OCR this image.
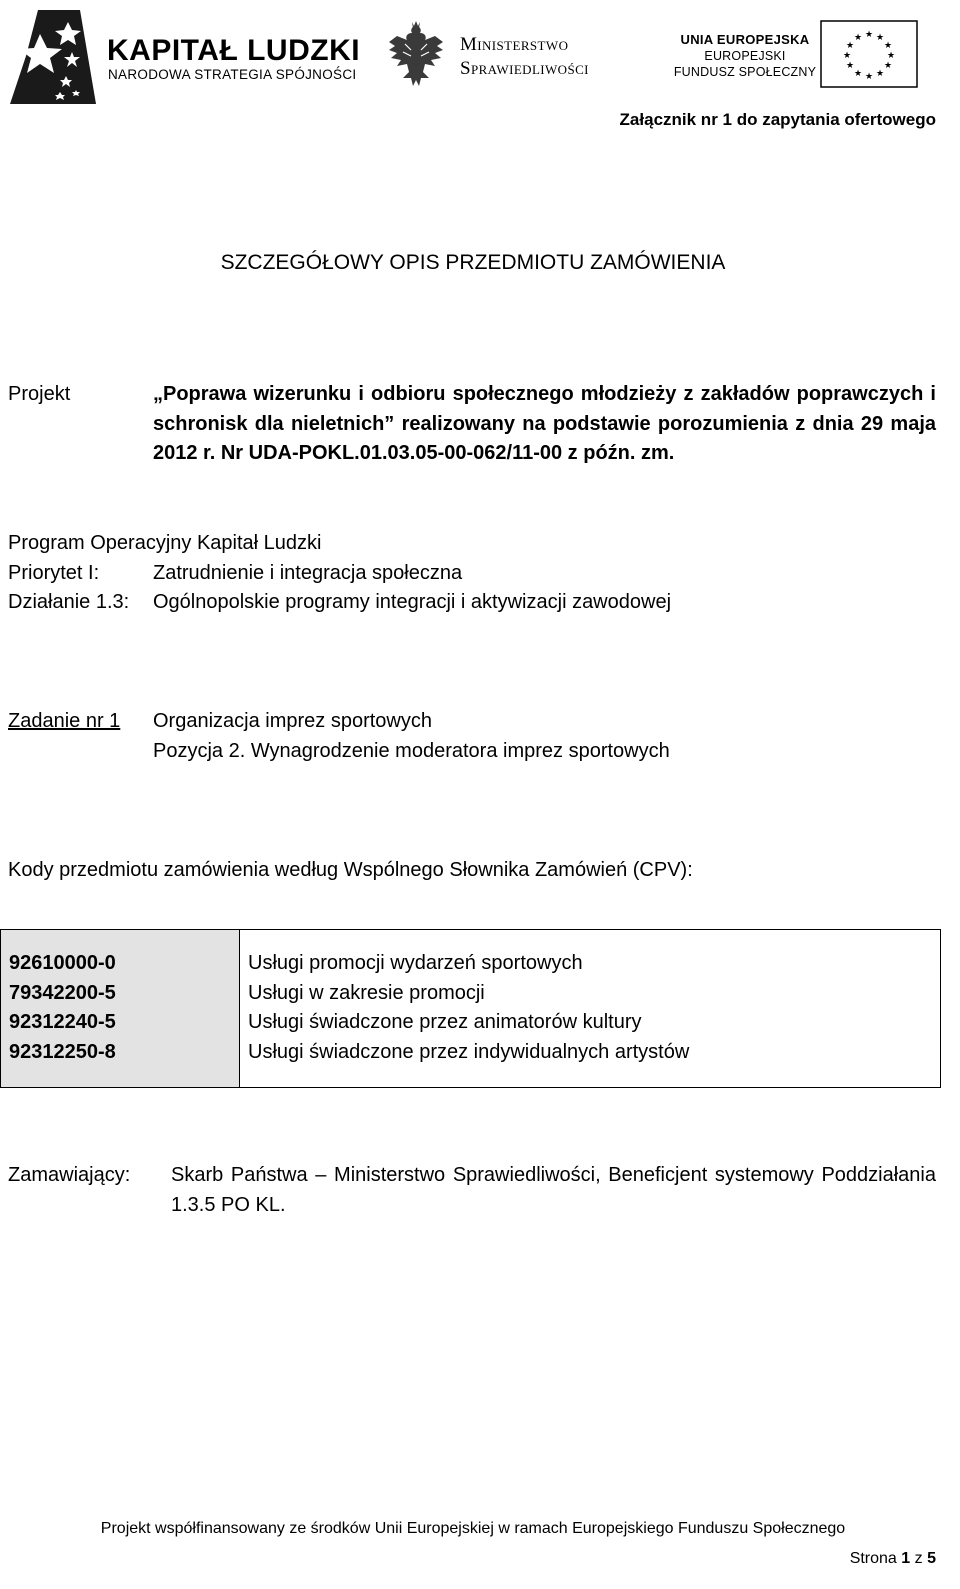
KAPITAŁ LUDZKI
NARODOWA STRATEGIA SPÓJNOŚCI
Ministerstwo
Sprawiedliwości
UNIA EUROPEJSKA
EUROPEJSKI
FUNDUSZ SPOŁECZNY
★ ★
★
★
★
★
★
★
★
★
★
★
Załącznik nr 1 do zapytania ofertowego
SZCZEGÓŁOWY OPIS PRZEDMIOTU ZAMÓWIENIA
Projekt	„Poprawa wizerunku i odbioru społecznego młodzieży z zakładów poprawczych i schronisk dla nieletnich” realizowany na podstawie porozumienia z dnia 29 maja 2012 r. Nr UDA-POKL.01.03.05-00-062/11-00 z późn. zm.
Program Operacyjny Kapitał Ludzki
Priorytet I:	Zatrudnienie i integracja społeczna
Działanie 1.3: Ogólnopolskie programy integracji i aktywizacji zawodowej
Zadanie nr 1 Organizacja imprez sportowych
Pozycja 2. Wynagrodzenie moderatora imprez sportowych
Kody przedmiotu zamówienia według Wspólnego Słownika Zamówień (CPV):
92610000-0
79342200-5
92312240-5
92312250-8
Usługi promocji wydarzeń sportowych
Usługi w zakresie promocji
Usługi świadczone przez animatorów kultury
Usługi świadczone przez indywidualnych artystów
Zamawiający: Skarb Państwa – Ministerstwo Sprawiedliwości, Beneficjent systemowy Poddziałania 1.3.5 PO KL.
Projekt współfinansowany ze środków Unii Europejskiej w ramach Europejskiego Funduszu Społecznego
Strona 1 z 5
